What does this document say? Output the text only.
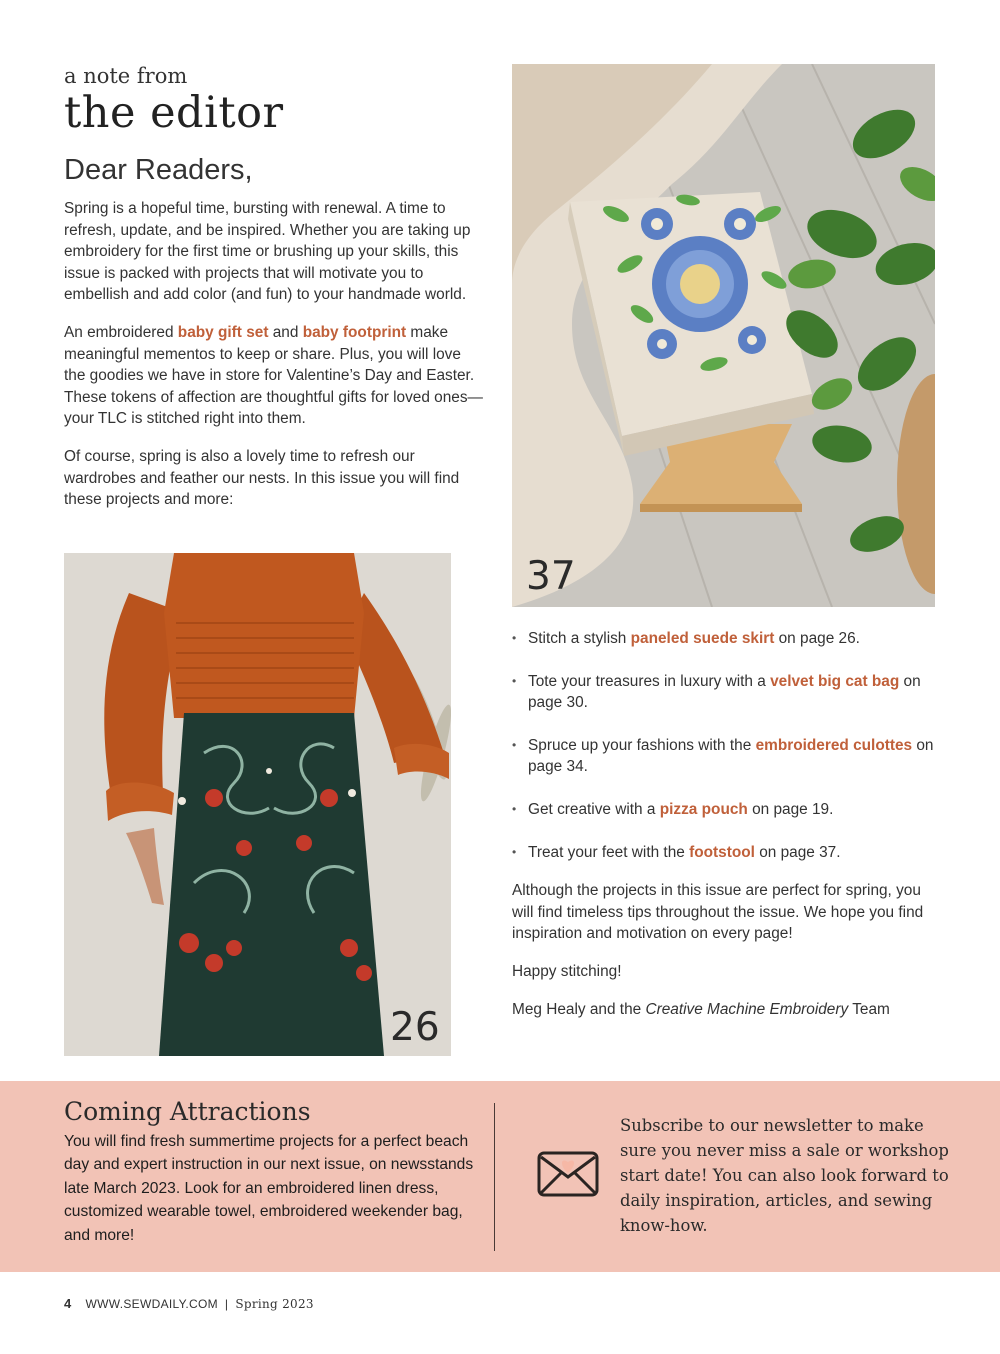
a note from
the editor
Dear Readers,

Spring is a hopeful time, bursting with renewal. A time to refresh, update, and be inspired. Whether you are taking up embroidery for the first time or brushing up your skills, this issue is packed with projects that will motivate you to embellish and add color (and fun) to your handmade world.

An embroidered baby gift set and baby footprint make meaningful mementos to keep or share. Plus, you will love the goodies we have in store for Valentine’s Day and Easter. These tokens of affection are thoughtful gifts for loved ones—your TLC is stitched right into them.

Of course, spring is also a lovely time to refresh our wardrobes and feather our nests. In this issue you will find these projects and more:

37
26
• Stitch a stylish paneled suede skirt on page 26.
• Tote your treasures in luxury with a velvet big cat bag on page 30.
• Spruce up your fashions with the embroidered culottes on page 34.
• Get creative with a pizza pouch on page 19.
• Treat your feet with the footstool on page 37.

Although the projects in this issue are perfect for spring, you will find timeless tips throughout the issue. We hope you find inspiration and motivation on every page!

Happy stitching!

Meg Healy and the Creative Machine Embroidery Team

Coming Attractions
You will find fresh summertime projects for a perfect beach day and expert instruction in our next issue, on newsstands late March 2023. Look for an embroidered linen dress, customized wearable towel, embroidered weekender bag, and more!
Subscribe to our newsletter to make sure you never miss a sale or workshop start date! You can also look forward to daily inspiration, articles, and sewing know-how.
4 WWW.SEWDAILY.COM | Spring 2023
